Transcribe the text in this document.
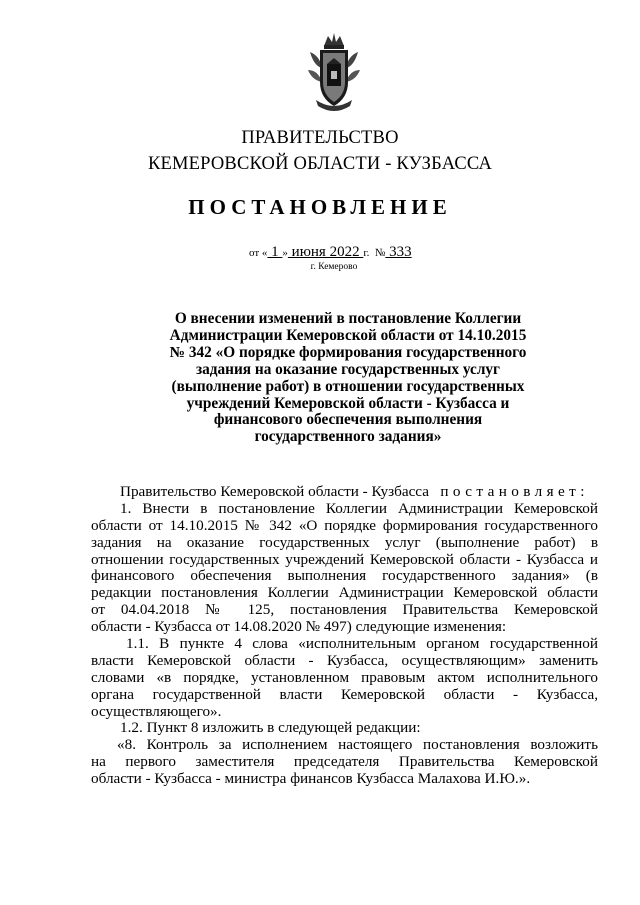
ПРАВИТЕЛЬСТВО
КЕМЕРОВСКОЙ ОБЛАСТИ - КУЗБАССА
ПОСТАНОВЛЕНИЕ
от « 1 » июня 2022 г. № 333
г. Кемерово
О внесении изменений в постановление Коллегии
Администрации Кемеровской области от 14.10.2015
№ 342 «О порядке формирования государственного
задания на оказание государственных услуг
(выполнение работ) в отношении государственных
учреждений Кемеровской области - Кузбасса и
финансового обеспечения выполнения
государственного задания»
Правительство Кемеровской области - Кузбасса постановляет:
1. Внести в постановление Коллегии Администрации Кемеровской
области от 14.10.2015 № 342 «О порядке формирования государственного
задания на оказание государственных услуг (выполнение работ) в
отношении государственных учреждений Кемеровской области - Кузбасса и
финансового обеспечения выполнения государственного задания» (в
редакции постановления Коллегии Администрации Кемеровской области
от 04.04.2018 № 125, постановления Правительства Кемеровской
области - Кузбасса от 14.08.2020 № 497) следующие изменения:
1.1. В пункте 4 слова «исполнительным органом государственной
власти Кемеровской области - Кузбасса, осуществляющим» заменить
словами «в порядке, установленном правовым актом исполнительного
органа государственной власти Кемеровской области - Кузбасса,
осуществляющего».
1.2. Пункт 8 изложить в следующей редакции:
«8. Контроль за исполнением настоящего постановления возложить
на первого заместителя председателя Правительства Кемеровской
области - Кузбасса - министра финансов Кузбасса Малахова И.Ю.».
